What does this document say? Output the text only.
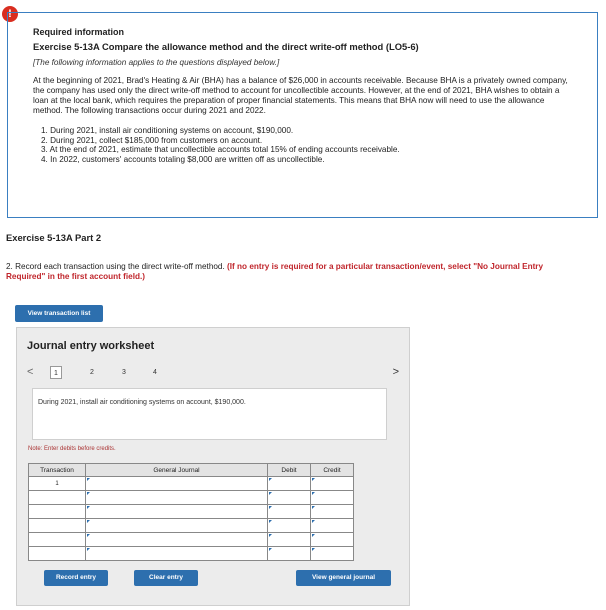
!

Required information

Exercise 5-13A Compare the allowance method and the direct write-off method (LO5-6)

[The following information applies to the questions displayed below.]

At the beginning of 2021, Brad's Heating & Air (BHA) has a balance of $26,000 in accounts receivable. Because BHA is a privately owned company, the company has used only the direct write-off method to account for uncollectible accounts. However, at the end of 2021, BHA wishes to obtain a loan at the local bank, which requires the preparation of proper financial statements. This means that BHA now will need to use the allowance method. The following transactions occur during 2021 and 2022.

1. During 2021, install air conditioning systems on account, $190,000.
2. During 2021, collect $185,000 from customers on account.
3. At the end of 2021, estimate that uncollectible accounts total 15% of ending accounts receivable.
4. In 2022, customers' accounts totaling $8,000 are written off as uncollectible.
Exercise 5-13A Part 2
2. Record each transaction using the direct write-off method. (If no entry is required for a particular transaction/event, select "No Journal Entry Required" in the first account field.)
View transaction list
Journal entry worksheet
<	1	2	3	4	>
During 2021, install air conditioning systems on account, $190,000.
Note: Enter debits before credits.
Transaction	General Journal	Debit	Credit
1			

Record entry	Clear entry	View general journal
